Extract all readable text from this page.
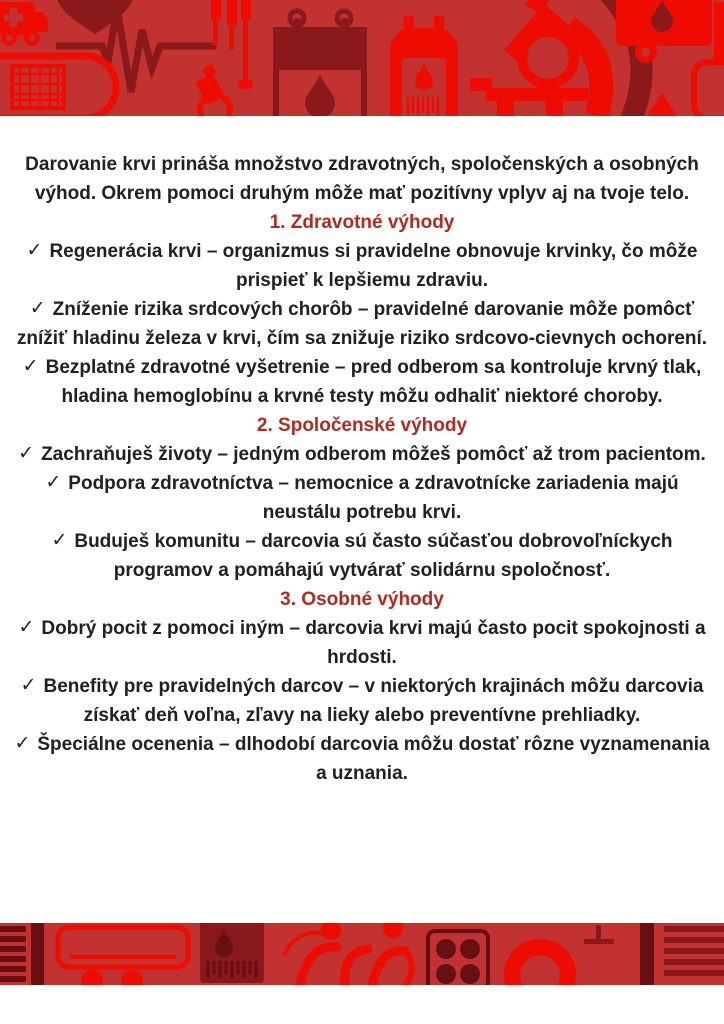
Darovanie krvi prináša množstvo zdravotných, spoločenských a osobných výhod. Okrem pomoci druhým môže mať pozitívny vplyv aj na tvoje telo.

1. Zdravotné výhody

✓ Regenerácia krvi – organizmus si pravidelne obnovuje krvinky, čo môže prispieť k lepšiemu zdraviu.

✓ Zníženie rizika srdcových chorôb – pravidelné darovanie môže pomôcť znížiť hladinu železa v krvi, čím sa znižuje riziko srdcovo-cievnych ochorení.

✓ Bezplatné zdravotné vyšetrenie – pred odberom sa kontroluje krvný tlak, hladina hemoglobínu a krvné testy môžu odhaliť niektoré choroby.

2. Spoločenské výhody

✓ Zachraňuješ životy – jedným odberom môžeš pomôcť až trom pacientom.

✓ Podpora zdravotníctva – nemocnice a zdravotnícke zariadenia majú neustálu potrebu krvi.

✓ Buduješ komunitu – darcovia sú často súčasťou dobrovoľníckych programov a pomáhajú vytvárať solidárnu spoločnosť.

3. Osobné výhody

✓ Dobrý pocit z pomoci iným – darcovia krvi majú často pocit spokojnosti a hrdosti.

✓ Benefity pre pravidelných darcov – v niektorých krajinách môžu darcovia získať deň voľna, zľavy na lieky alebo preventívne prehliadky.

✓ Špeciálne ocenenia – dlhodobí darcovia môžu dostať rôzne vyznamenania a uznania.
